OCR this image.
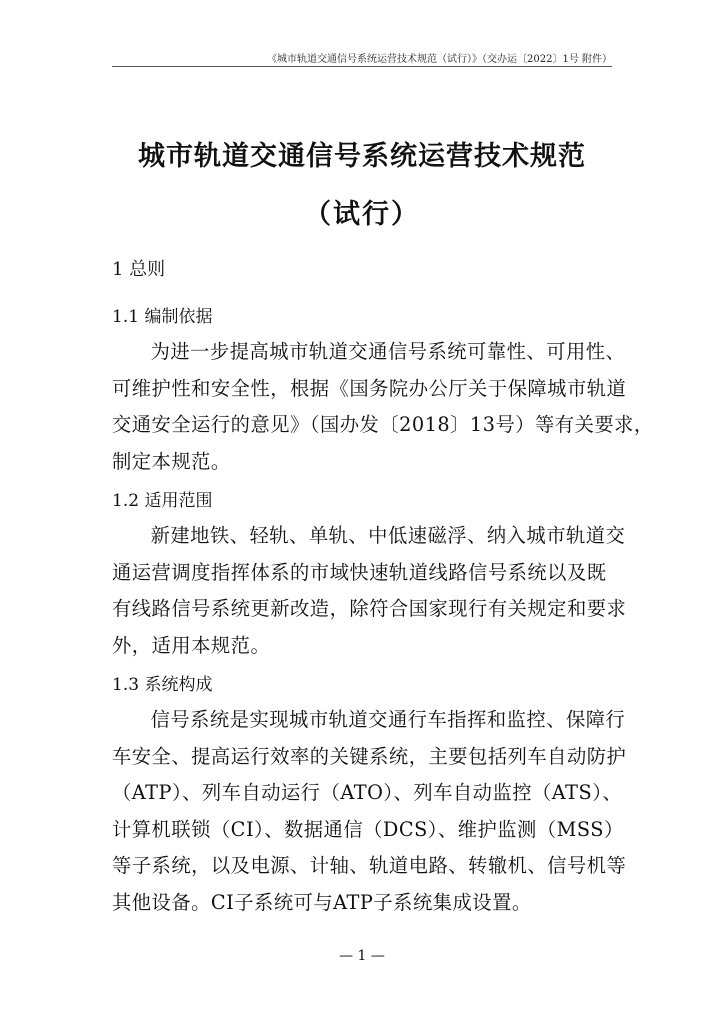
《城市轨道交通信号系统运营技术规范（试行）》（交办运〔2022〕1号 附件）
城市轨道交通信号系统运营技术规范
（试行）
1 总则
1.1 编制依据

为进一步提高城市轨道交通信号系统可靠性、可用性、
可维护性和安全性，根据《国务院办公厅关于保障城市轨道
交通安全运行的意见》（国办发〔2018〕13号）等有关要求，
制定本规范。

1.2 适用范围

新建地铁、轻轨、单轨、中低速磁浮、纳入城市轨道交
通运营调度指挥体系的市域快速轨道线路信号系统以及既
有线路信号系统更新改造，除符合国家现行有关规定和要求
外，适用本规范。

1.3 系统构成

信号系统是实现城市轨道交通行车指挥和监控、保障行
车安全、提高运行效率的关键系统，主要包括列车自动防护
（ATP）、列车自动运行（ATO）、列车自动监控（ATS）、
计算机联锁（CI）、数据通信（DCS）、维护监测（MSS）
等子系统，以及电源、计轴、轨道电路、转辙机、信号机等
其他设备。CI子系统可与ATP子系统集成设置。

— 1 —
